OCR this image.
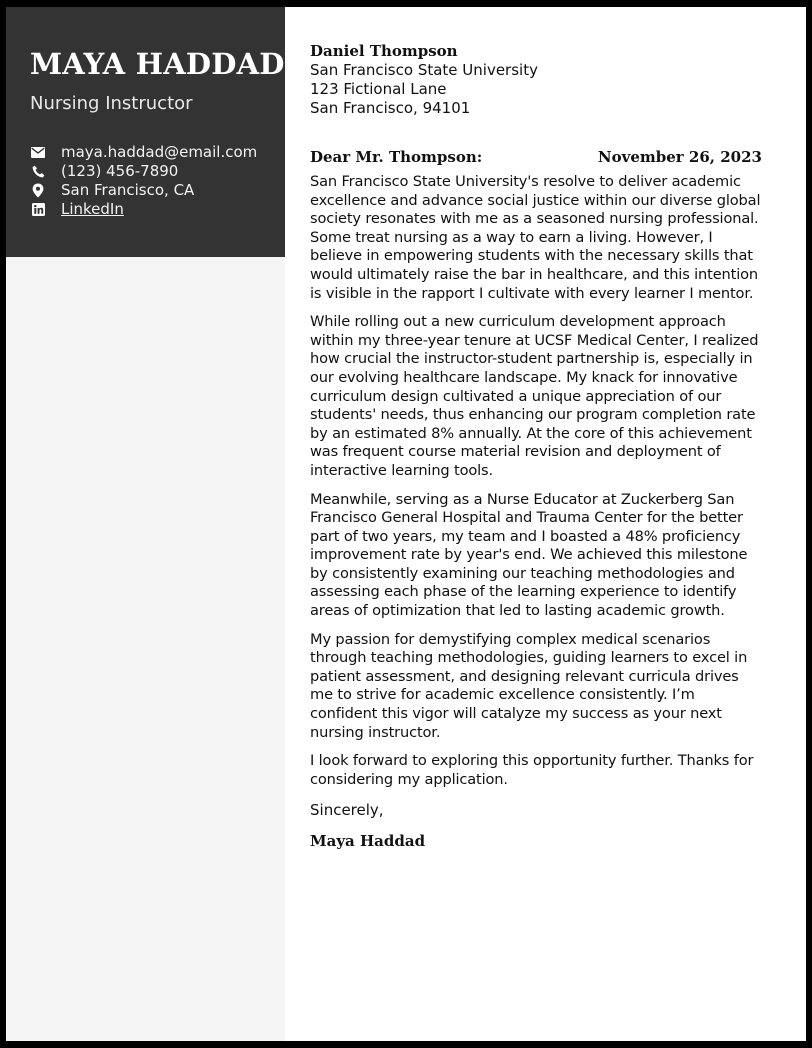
MAYA HADDAD
Nursing Instructor
maya.haddad@email.com
(123) 456-7890
San Francisco, CA
LinkedIn
Daniel Thompson
San Francisco State University
123 Fictional Lane
San Francisco, 94101
Dear Mr. Thompson:	November 26, 2023

San Francisco State University's resolve to deliver academic excellence and advance social justice within our diverse global society resonates with me as a seasoned nursing professional. Some treat nursing as a way to earn a living. However, I believe in empowering students with the necessary skills that would ultimately raise the bar in healthcare, and this intention is visible in the rapport I cultivate with every learner I mentor.

While rolling out a new curriculum development approach within my three-year tenure at UCSF Medical Center, I realized how crucial the instructor-student partnership is, especially in our evolving healthcare landscape. My knack for innovative curriculum design cultivated a unique appreciation of our students' needs, thus enhancing our program completion rate by an estimated 8% annually. At the core of this achievement was frequent course material revision and deployment of interactive learning tools.

Meanwhile, serving as a Nurse Educator at Zuckerberg San Francisco General Hospital and Trauma Center for the better part of two years, my team and I boasted a 48% proficiency improvement rate by year's end. We achieved this milestone by consistently examining our teaching methodologies and assessing each phase of the learning experience to identify areas of optimization that led to lasting academic growth.

My passion for demystifying complex medical scenarios through teaching methodologies, guiding learners to excel in patient assessment, and designing relevant curricula drives me to strive for academic excellence consistently. I’m confident this vigor will catalyze my success as your next nursing instructor.

I look forward to exploring this opportunity further. Thanks for considering my application.

Sincerely,
Maya Haddad
